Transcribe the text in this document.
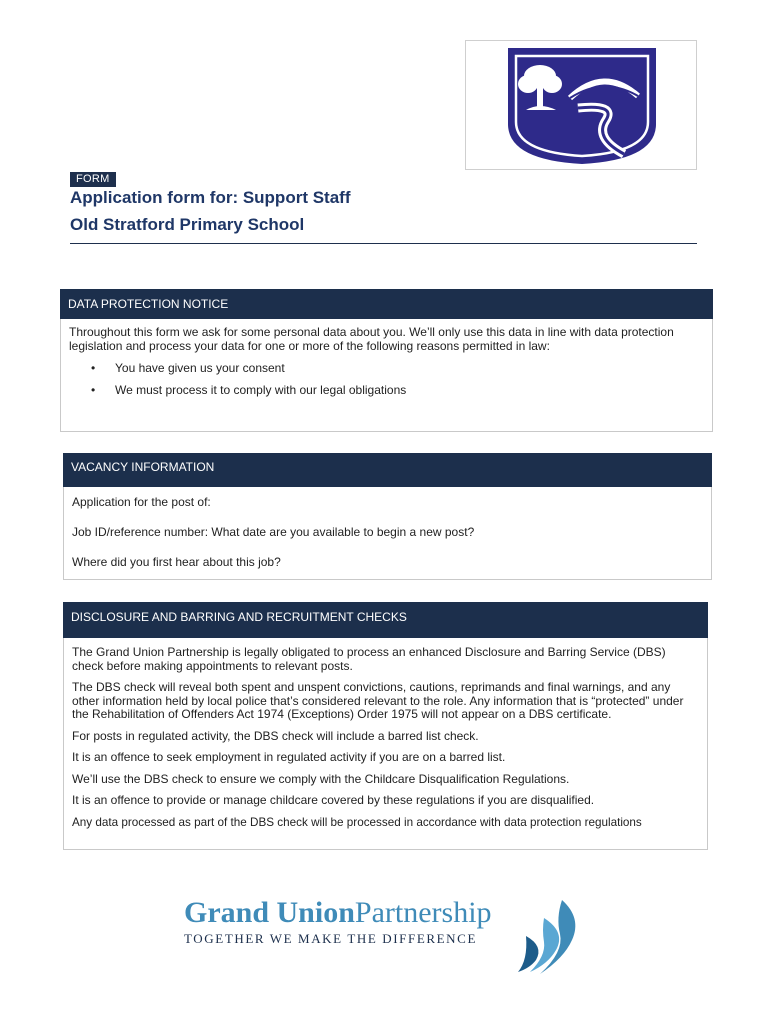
FORM
Application form for: Support Staff
Old Stratford Primary School
DATA PROTECTION NOTICE

Throughout this form we ask for some personal data about you. We’ll only use this data in line with data protection legislation and process your data for one or more of the following reasons permitted in law:

• You have given us your consent
• We must process it to comply with our legal obligations
VACANCY INFORMATION

Application for the post of:

Job ID/reference number: What date are you available to begin a new post?

Where did you first hear about this job?

DISCLOSURE AND BARRING AND RECRUITMENT CHECKS

The Grand Union Partnership is legally obligated to process an enhanced Disclosure and Barring Service (DBS) check before making appointments to relevant posts.

The DBS check will reveal both spent and unspent convictions, cautions, reprimands and final warnings, and any other information held by local police that’s considered relevant to the role. Any information that is “protected” under the Rehabilitation of Offenders Act 1974 (Exceptions) Order 1975 will not appear on a DBS certificate.

For posts in regulated activity, the DBS check will include a barred list check.

It is an offence to seek employment in regulated activity if you are on a barred list.

We’ll use the DBS check to ensure we comply with the Childcare Disqualification Regulations.

It is an offence to provide or manage childcare covered by these regulations if you are disqualified.

Any data processed as part of the DBS check will be processed in accordance with data protection regulations

Grand UnionPartnership
TOGETHER WE MAKE THE DIFFERENCE
